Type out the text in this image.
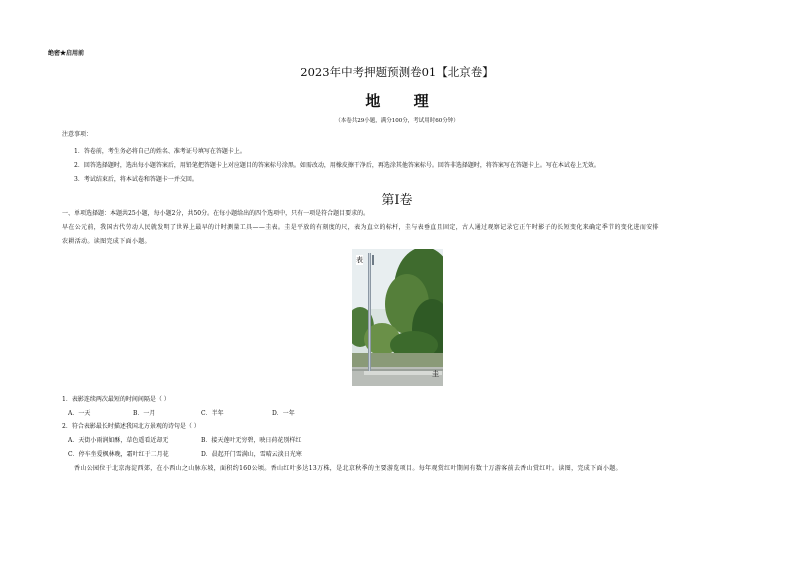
绝密★启用前
2023年中考押题预测卷01【北京卷】
地 理
（本卷共29小题，满分100分，考试用时60分钟）
注意事项：
1．答卷前，考生务必将自己的姓名、准考证号填写在答题卡上。
2．回答选择题时，选出每小题答案后，用铅笔把答题卡上对应题目的答案标号涂黑。如需改动，用橡皮擦干净后，再选涂其他答案标号。回答非选择题时，将答案写在答题卡上。写在本试卷上无效。
3．考试结束后，将本试卷和答题卡一并交回。
第Ⅰ卷
一、单项选择题：本题共25小题，每小题2分，共50分。在每小题给出的四个选项中，只有一项是符合题目要求的。
早在公元前，我国古代劳动人民就发明了世界上最早的计时测量工具——圭表。圭是平放的有刻度的尺，表为直立的标杆，圭与表垂直且固定，古人通过观察记录它正午时影子的长短变化来确定季节的变化进而安排
农耕活动。读图完成下面小题。
表
圭
1．表影连续两次最短的时间间隔是（ ）
A．一天	B．一月	C．半年	D．一年
2．符合表影最长时描述我国北方景观的诗句是（ ）
A．天街小雨润如酥，草色遥看近却无	B．接天莲叶无穷碧，映日荷花别样红
C．停车坐爱枫林晚，霜叶红于二月花	D．晨起开门雪满山，雪晴云淡日光寒
香山公园位于北京海淀西郊，在小西山之山脉东坡，面积约160公顷。香山红叶多达13万株，是北京秋季的主要游览项目。每年观赏红叶期间有数十万游客前去香山赏红叶。读图，完成下面小题。
